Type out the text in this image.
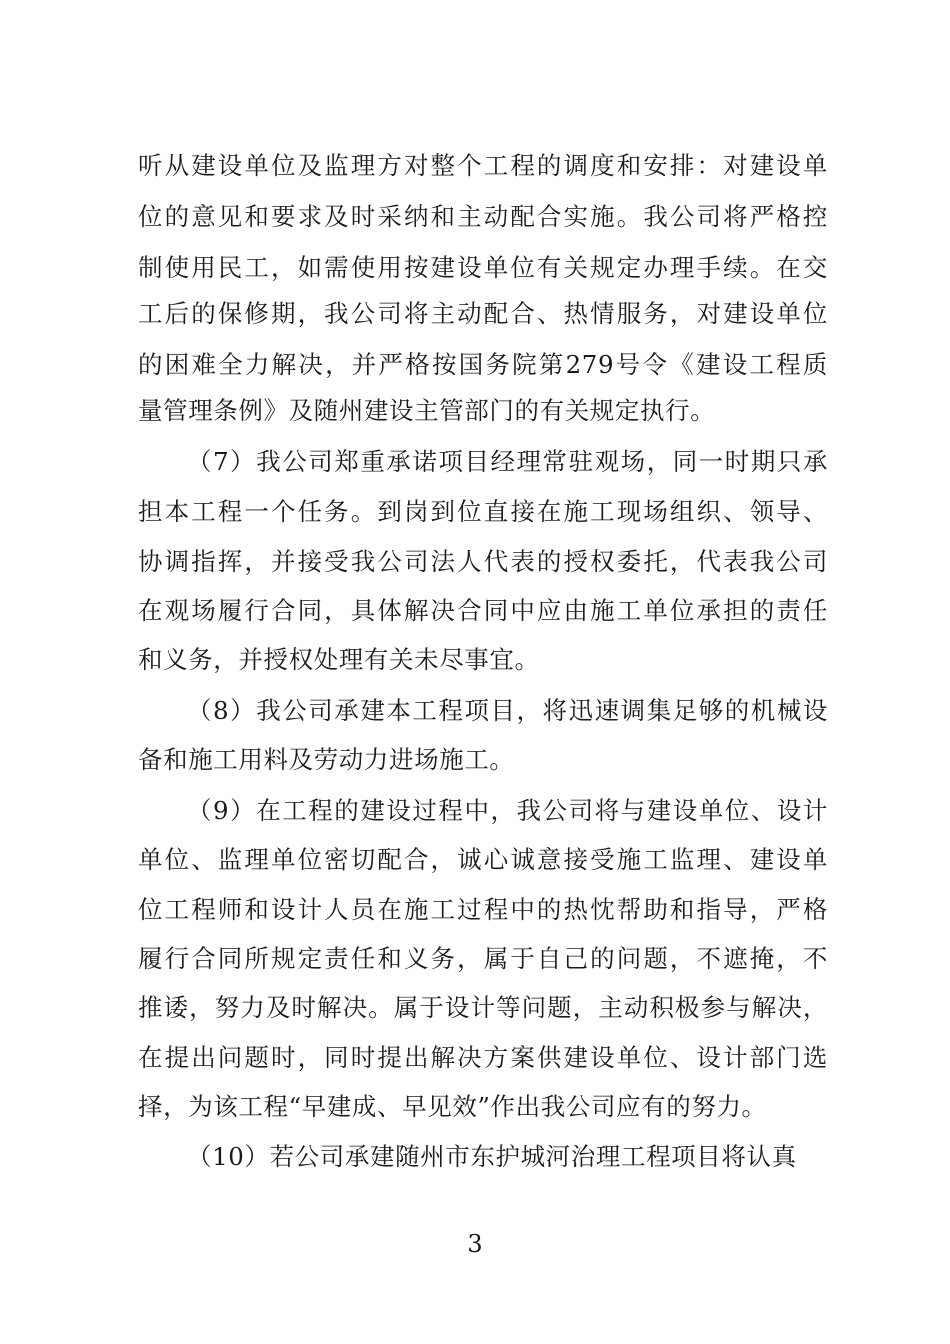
听从建设单位及监理方对整个工程的调度和安排：对建设单
位的意见和要求及时采纳和主动配合实施。我公司将严格控
制使用民工，如需使用按建设单位有关规定办理手续。在交
工后的保修期，我公司将主动配合、热情服务，对建设单位
的困难全力解决，并严格按国务院第279号令《建设工程质
量管理条例》及随州建设主管部门的有关规定执行。
（7）我公司郑重承诺项目经理常驻观场，同一时期只承
担本工程一个任务。到岗到位直接在施工现场组织、领导、
协调指挥，并接受我公司法人代表的授权委托，代表我公司
在观场履行合同，具体解决合同中应由施工单位承担的责任
和义务，并授权处理有关未尽事宜。
（8）我公司承建本工程项目，将迅速调集足够的机械设
备和施工用料及劳动力进场施工。
（9）在工程的建设过程中，我公司将与建设单位、设计
单位、监理单位密切配合，诚心诚意接受施工监理、建设单
位工程师和设计人员在施工过程中的热忱帮助和指导，严格
履行合同所规定责任和义务，属于自己的问题，不遮掩，不
推诿，努力及时解决。属于设计等问题，主动积极参与解决，
在提出问题时，同时提出解决方案供建设单位、设计部门选
择，为该工程“早建成、早见效”作出我公司应有的努力。
（10）若公司承建随州市东护城河治理工程项目将认真
3
